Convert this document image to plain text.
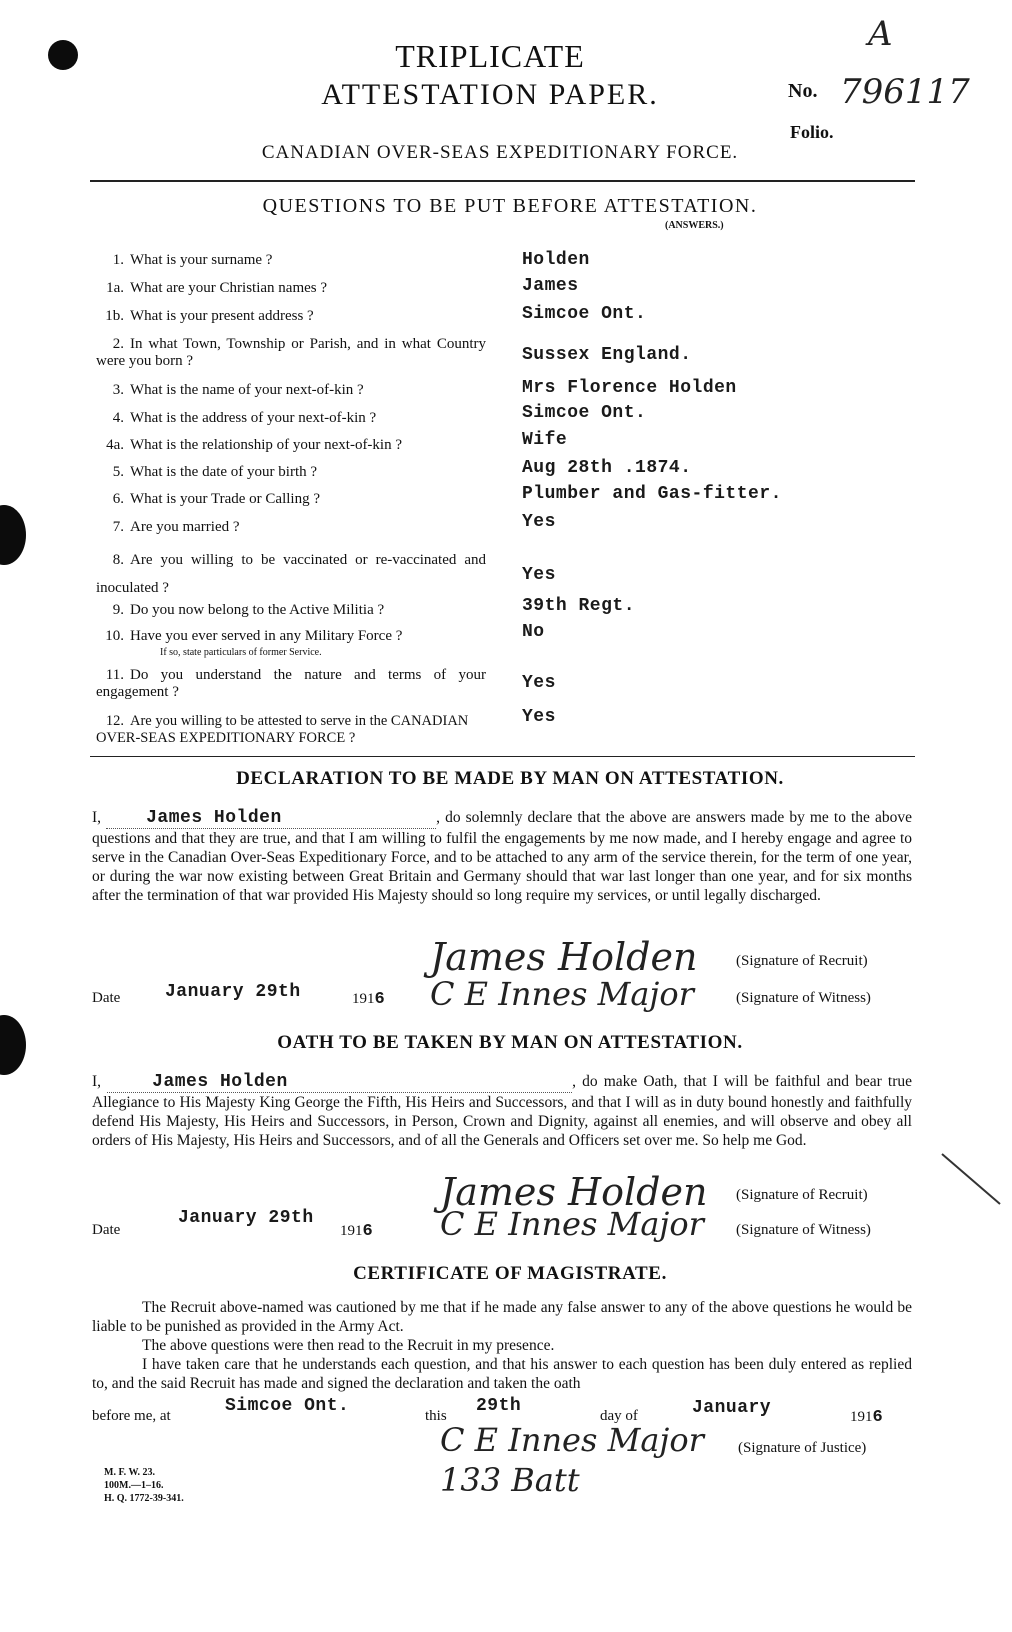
A
TRIPLICATE
ATTESTATION PAPER.	No. 796117
Folio.
CANADIAN OVER-SEAS EXPEDITIONARY FORCE.
QUESTIONS TO BE PUT BEFORE ATTESTATION.
(ANSWERS.)
1. What is your surname ?	Holden
1a. What are your Christian names ?	James
1b. What is your present address ?	Simcoe Ont.
2. In what Town, Township or Parish, and in what Country were you born ?	Sussex England.
3. What is the name of your next-of-kin ?	Mrs Florence Holden
4. What is the address of your next-of-kin ?	Simcoe Ont.
4a. What is the relationship of your next-of-kin ?	Wife
5. What is the date of your birth ?	Aug 28th .1874.
6. What is your Trade or Calling ?	Plumber and Gas-fitter.
7. Are you married ?	Yes
8. Are you willing to be vaccinated or re-vaccinated and inoculated ?
Yes
9. Do you now belong to the Active Militia ?	39th Regt.
10. Have you ever served in any Military Force ?
If so, state particulars of former Service.
No
11. Do you understand the nature and terms of your engagement ?	Yes
12. Are you willing to be attested to serve in the CANADIAN OVER-SEAS EXPEDITIONARY FORCE ?
Yes
DECLARATION TO BE MADE BY MAN ON ATTESTATION.
I,	James Holden	, do solemnly declare that the above are answers made by me to the above questions and that they are true, and that I am willing to fulfil the engagements by me now made, and I hereby engage and agree to serve in the Canadian Over-Seas Expeditionary Force, and to be attached to any arm of the service therein, for the term of one year, or during the war now existing between Great Britain and Germany should that war last longer than one year, and for six months after the termination of that war provided His Majesty should so long require my services, or until legally discharged.
James Holden	(Signature of Recruit)
Date January 29th	1916 C E Innes Major	(Signature of Witness)
OATH TO BE TAKEN BY MAN ON ATTESTATION.
I,	James Holden	, do make Oath, that I will be faithful and bear true Allegiance to His Majesty King George the Fifth, His Heirs and Successors, and that I will as in duty bound honestly and faithfully defend His Majesty, His Heirs and Successors, in Person, Crown and Dignity, against all enemies, and will observe and obey all orders of His Majesty, His Heirs and Successors, and of all the Generals and Officers set over me. So help me God.
James Holden (Signature of Recruit)
Date
January 29th
1916 C E Innes Major (Signature of Witness)
CERTIFICATE OF MAGISTRATE.
The Recruit above-named was cautioned by me that if he made any false answer to any of the above questions he would be liable to be punished as provided in the Army Act.
The above questions were then read to the Recruit in my presence.
I have taken care that he understands each question, and that his answer to each question has been duly entered as replied to, and the said Recruit has made and signed the declaration and taken the oath
before me, at	Simcoe Ont.	this 29th	day of	January	1916
C E Innes Major 133 Batt
(Signature of Justice)
M. F. W. 23.
100M.—1–16.
H. Q. 1772-39-341.
